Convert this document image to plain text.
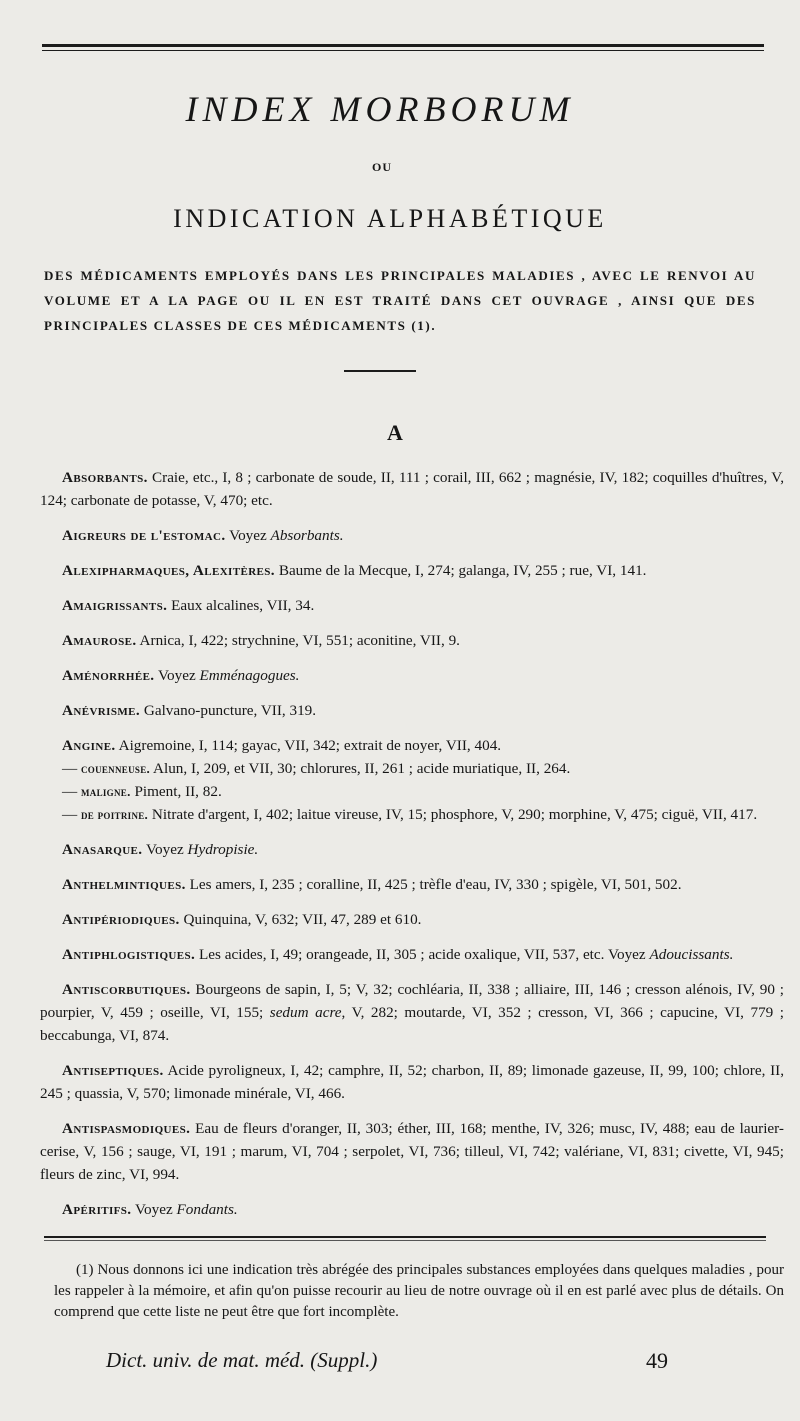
INDEX MORBORUM
OU
INDICATION ALPHABÉTIQUE
DES MÉDICAMENTS EMPLOYÉS DANS LES PRINCIPALES MALADIES , AVEC LE RENVOI AU VOLUME ET A LA PAGE OU IL EN EST TRAITÉ DANS CET OUVRAGE , AINSI QUE DES PRINCIPALES CLASSES DE CES MÉDICAMENTS (1).
A

Absorbants. Craie, etc., I, 8 ; carbonate de soude, II, 111 ; corail, III, 662 ; magnésie, IV, 182; coquilles d'huîtres, V, 124; carbonate de potasse, V, 470; etc.

Aigreurs de l'estomac. Voyez Absorbants.

Alexipharmaques, Alexitères. Baume de la Mecque, I, 274; galanga, IV, 255 ; rue, VI, 141.

Amaigrissants. Eaux alcalines, VII, 34.

Amaurose. Arnica, I, 422; strychnine, VI, 551; aconitine, VII, 9.

Aménorrhée. Voyez Emménagogues.

Anévrisme. Galvano-puncture, VII, 319.

Angine. Aigremoine, I, 114; gayac, VII, 342; extrait de noyer, VII, 404.

— couenneuse. Alun, I, 209, et VII, 30; chlorures, II, 261 ; acide muriatique, II, 264.

— maligne. Piment, II, 82.

— de poitrine. Nitrate d'argent, I, 402; laitue vireuse, IV, 15; phosphore, V, 290; morphine, V, 475; ciguë, VII, 417.

Anasarque. Voyez Hydropisie.

Anthelmintiques. Les amers, I, 235 ; coralline, II, 425 ; trèfle d'eau, IV, 330 ; spigèle, VI, 501, 502.

Antipériodiques. Quinquina, V, 632; VII, 47, 289 et 610.

Antiphlogistiques. Les acides, I, 49; orangeade, II, 305 ; acide oxalique, VII, 537, etc. Voyez Adoucissants.

Antiscorbutiques. Bourgeons de sapin, I, 5; V, 32; cochléaria, II, 338 ; alliaire, III, 146 ; cresson alénois, IV, 90 ; pourpier, V, 459 ; oseille, VI, 155; sedum acre, V, 282; moutarde, VI, 352 ; cresson, VI, 366 ; capucine, VI, 779 ; beccabunga, VI, 874.

Antiseptiques. Acide pyroligneux, I, 42; camphre, II, 52; charbon, II, 89; limonade gazeuse, II, 99, 100; chlore, II, 245 ; quassia, V, 570; limonade minérale, VI, 466.

Antispasmodiques. Eau de fleurs d'oranger, II, 303; éther, III, 168; menthe, IV, 326; musc, IV, 488; eau de laurier-cerise, V, 156 ; sauge, VI, 191 ; marum, VI, 704 ; serpolet, VI, 736; tilleul, VI, 742; valériane, VI, 831; civette, VI, 945; fleurs de zinc, VI, 994.

Apéritifs. Voyez Fondants.

(1) Nous donnons ici une indication très abrégée des principales substances employées dans quelques maladies , pour les rappeler à la mémoire, et afin qu'on puisse recourir au lieu de notre ouvrage où il en est parlé avec plus de détails. On comprend que cette liste ne peut être que fort incomplète.
Dict. univ. de mat. méd. (Suppl.)	49
